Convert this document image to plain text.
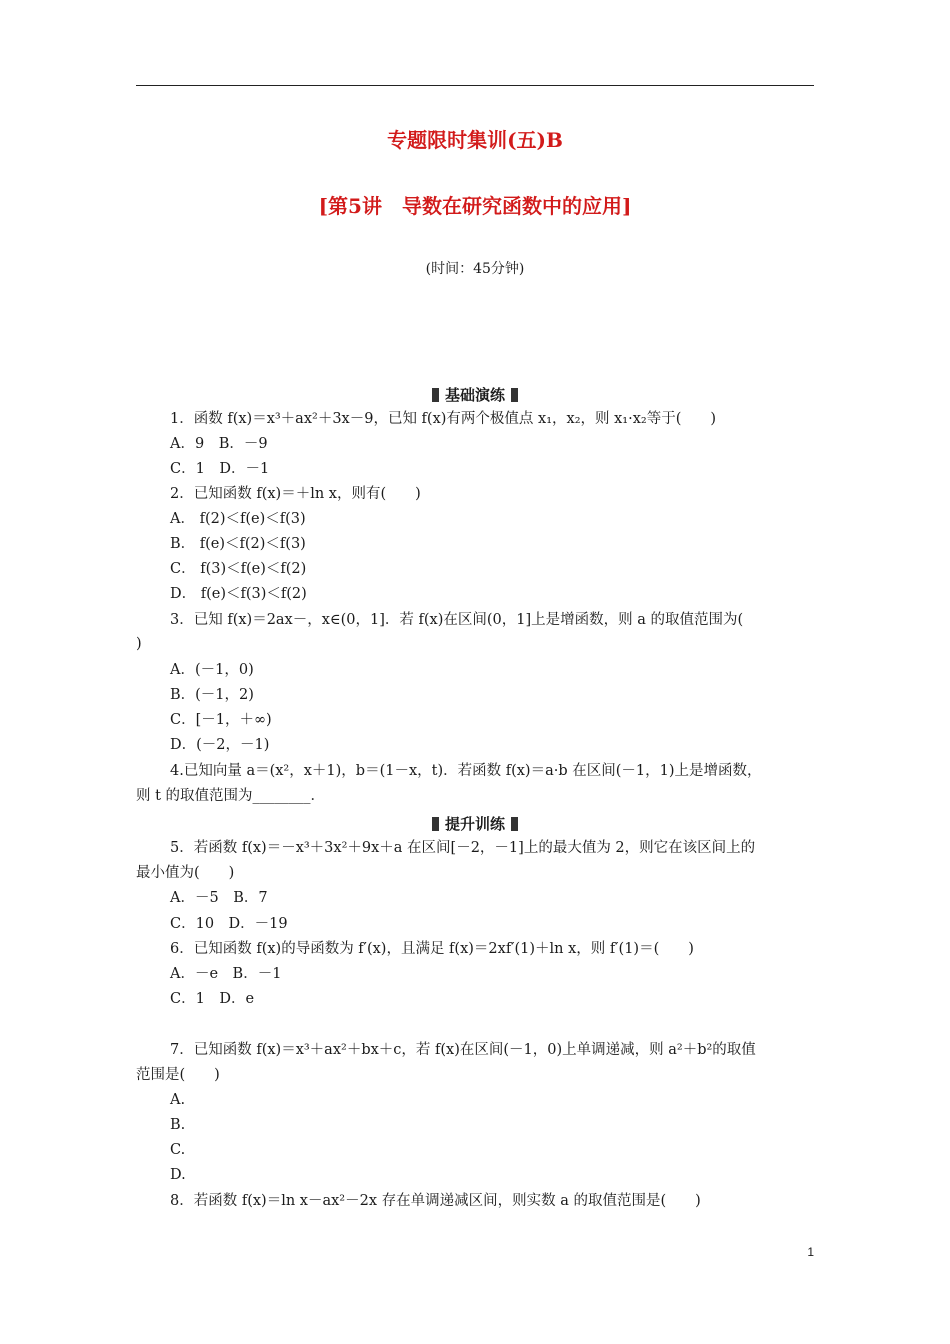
专题限时集训(五)B
[第5讲　导数在研究函数中的应用]
(时间：45分钟)
基础演练
1．函数 f(x)＝x³＋ax²＋3x－9，已知 f(x)有两个极值点 x₁，x₂，则 x₁·x₂等于(　　)
A．9　B．－9
C．1　D．－1
2．已知函数 f(x)＝＋ln x，则有(　　)
A． f(2)＜f(e)＜f(3)
B． f(e)＜f(2)＜f(3)
C． f(3)＜f(e)＜f(2)
D． f(e)＜f(3)＜f(2)
3．已知 f(x)＝2ax－，x∈(0，1]．若 f(x)在区间(0，1]上是增函数，则 a 的取值范围为(
)
A．(－1，0)
B．(－1，2)
C．[－1，＋∞)
D．(－2，－1)
4.已知向量 a＝(x²，x＋1)，b＝(1－x，t)．若函数 f(x)＝a·b 在区间(－1，1)上是增函数，
则 t 的取值范围为________．
提升训练
5．若函数 f(x)＝－x³＋3x²＋9x＋a 在区间[－2，－1]上的最大值为 2，则它在该区间上的
最小值为(　　)
A．－5　B．7
C．10　D．－19
6．已知函数 f(x)的导函数为 f′(x)，且满足 f(x)＝2xf′(1)＋ln x，则 f′(1)＝(　　)
A．－e　B．－1
C．1　D．e
7．已知函数 f(x)＝x³＋ax²＋bx＋c，若 f(x)在区间(－1，0)上单调递减，则 a²＋b²的取值
范围是(　　)
A.
B.
C.
D.
8．若函数 f(x)＝ln x－ax²－2x 存在单调递减区间，则实数 a 的取值范围是(　　)
1
